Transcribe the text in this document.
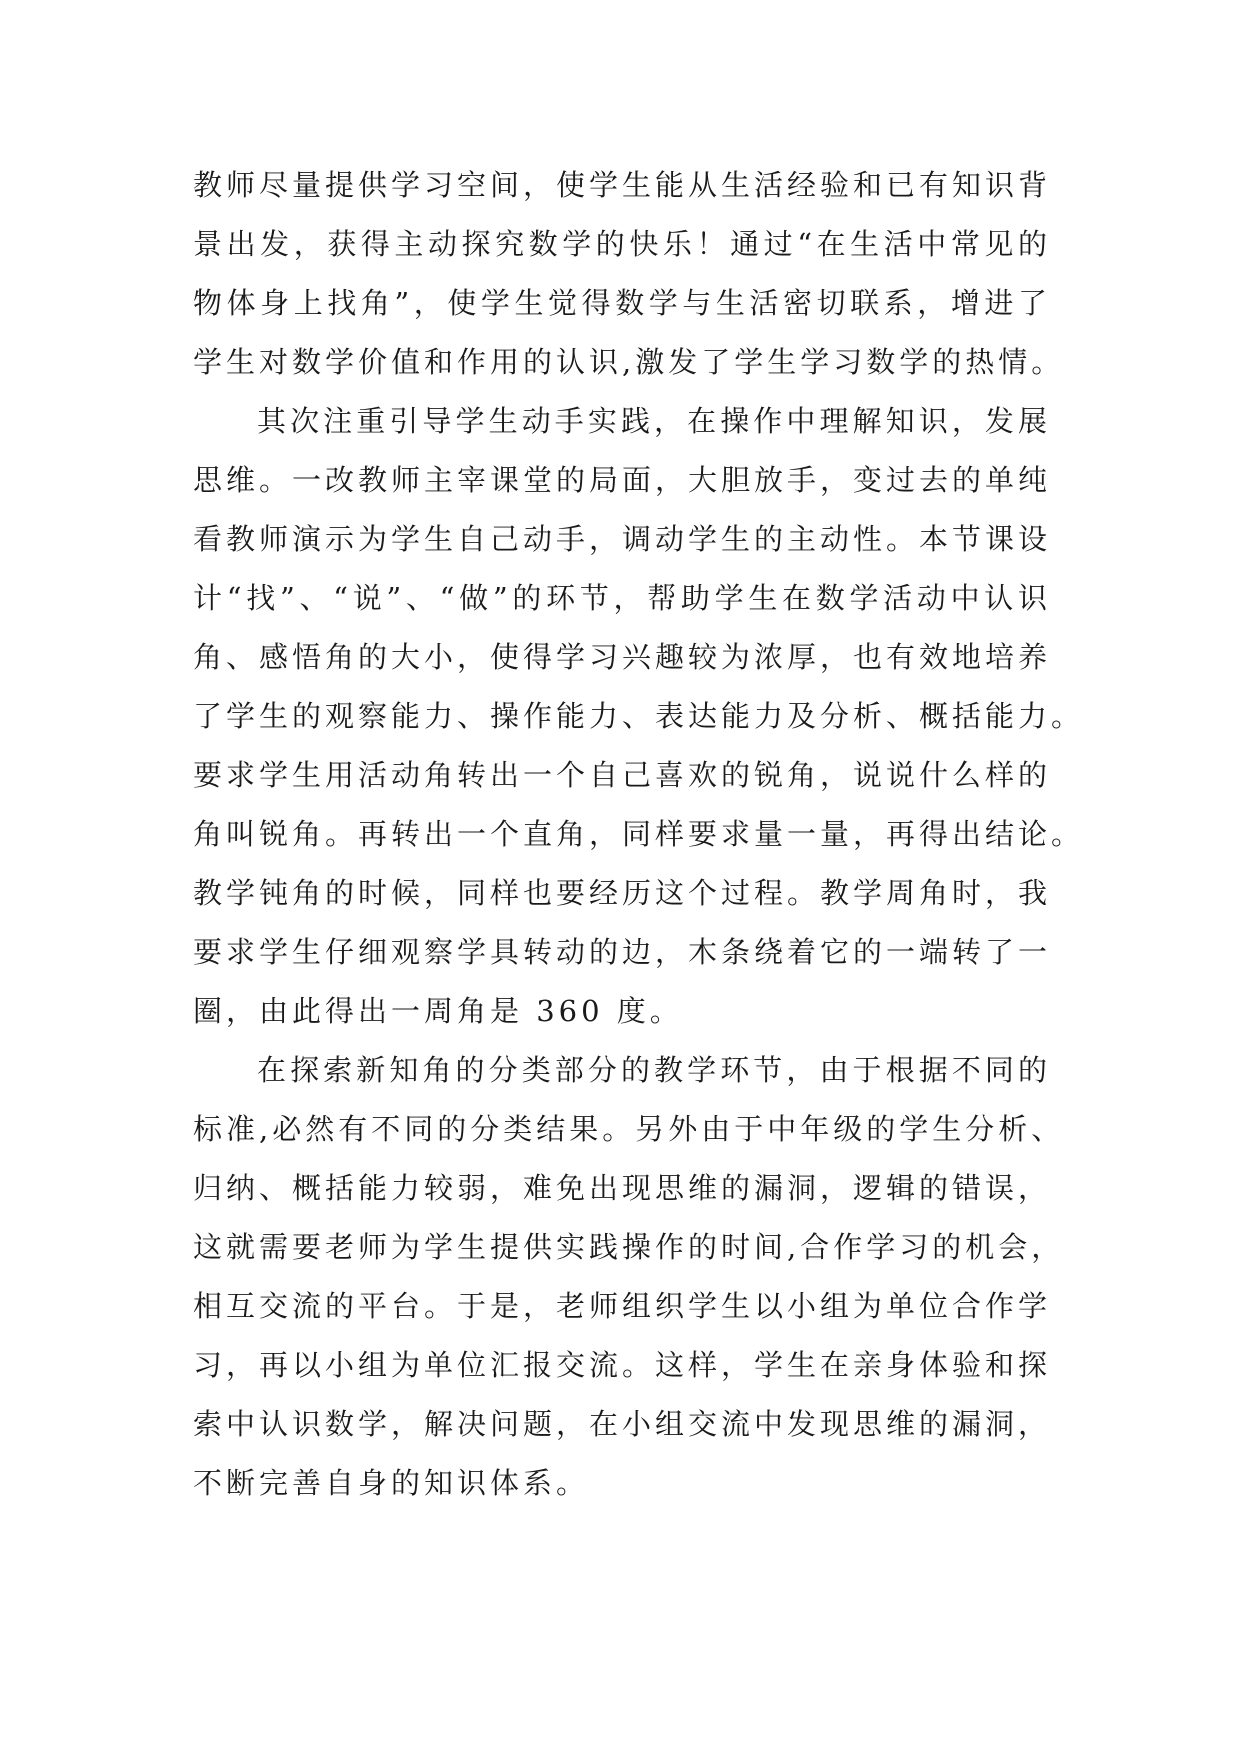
教师尽量提供学习空间，使学生能从生活经验和已有知识背
景出发，获得主动探究数学的快乐！通过“在生活中常见的
物体身上找角”，使学生觉得数学与生活密切联系，增进了
学生对数学价值和作用的认识,激发了学生学习数学的热情。
其次注重引导学生动手实践，在操作中理解知识，发展
思维。一改教师主宰课堂的局面，大胆放手，变过去的单纯
看教师演示为学生自己动手，调动学生的主动性。本节课设
计“找”、“说”、“做”的环节，帮助学生在数学活动中认识
角、感悟角的大小，使得学习兴趣较为浓厚，也有效地培养
了学生的观察能力、操作能力、表达能力及分析、概括能力。
要求学生用活动角转出一个自己喜欢的锐角，说说什么样的
角叫锐角。再转出一个直角，同样要求量一量，再得出结论。
教学钝角的时候，同样也要经历这个过程。教学周角时，我
要求学生仔细观察学具转动的边，木条绕着它的一端转了一
圈，由此得出一周角是 360 度。
在探索新知角的分类部分的教学环节，由于根据不同的
标准,必然有不同的分类结果。另外由于中年级的学生分析、
归纳、概括能力较弱，难免出现思维的漏洞，逻辑的错误，
这就需要老师为学生提供实践操作的时间,合作学习的机会，
相互交流的平台。于是，老师组织学生以小组为单位合作学
习，再以小组为单位汇报交流。这样，学生在亲身体验和探
索中认识数学，解决问题，在小组交流中发现思维的漏洞，
不断完善自身的知识体系。
